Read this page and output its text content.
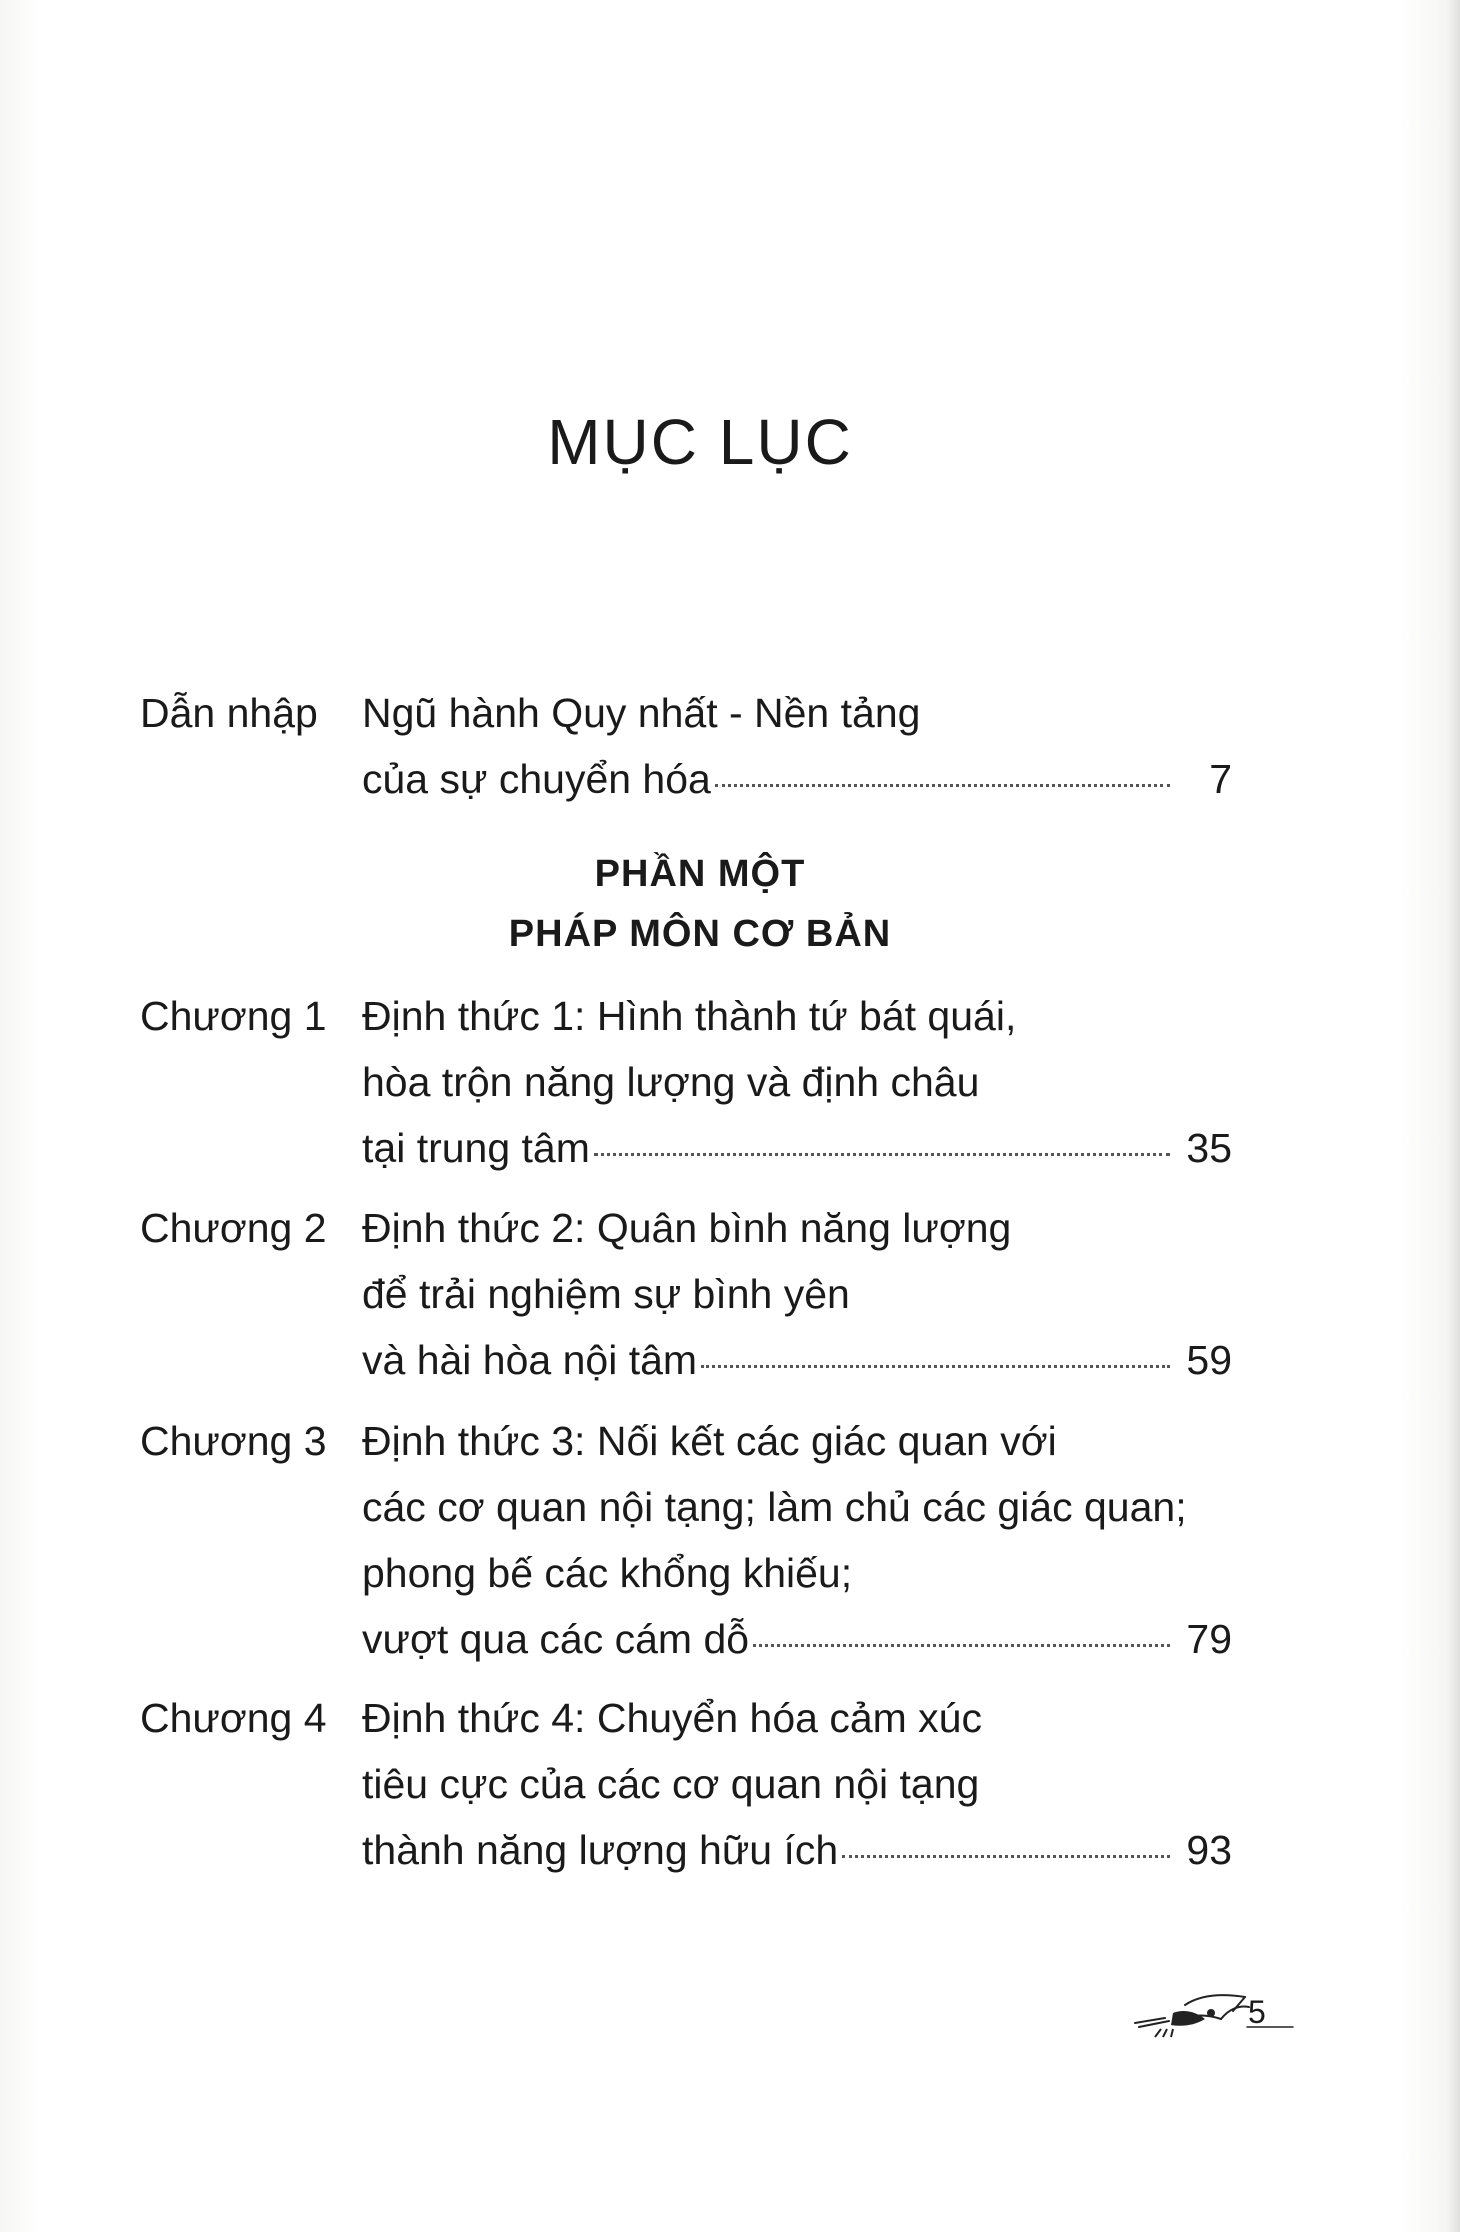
MỤC LỤC
Dẫn nhập Ngũ hành Quy nhất - Nền tảng
của sự chuyển hóa	7
PHẦN MỘT
PHÁP MÔN CƠ BẢN
Chương 1 Định thức 1: Hình thành tứ bát quái,
hòa trộn năng lượng và định châu
tại trung tâm	35
Chương 2 Định thức 2: Quân bình năng lượng
để trải nghiệm sự bình yên
và hài hòa nội tâm	59
Chương 3 Định thức 3: Nối kết các giác quan với
các cơ quan nội tạng; làm chủ các giác quan;
phong bế các khổng khiếu;
vượt qua các cám dỗ	79
Chương 4 Định thức 4: Chuyển hóa cảm xúc
tiêu cực của các cơ quan nội tạng
thành năng lượng hữu ích	93
5
